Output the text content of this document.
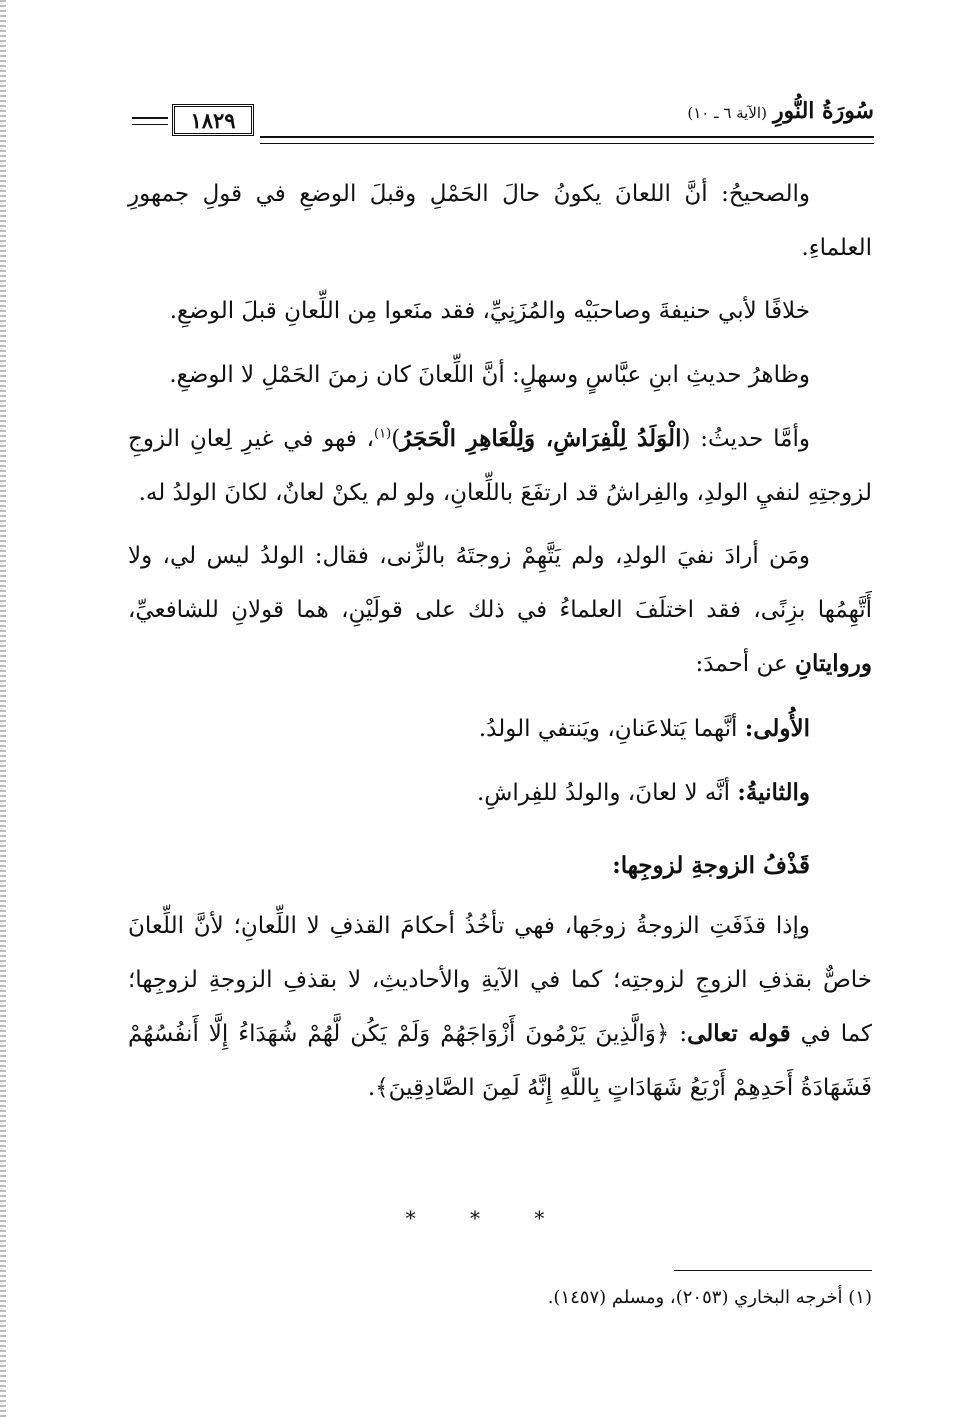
١٨٢٩	سُورَةُ النُّورِ(الآية ٦ ـ ١٠)

والصحيحُ: أنَّ اللعانَ يكونُ حالَ الحَمْلِ وقبلَ الوضعِ في قولِ جمهورِ العلماءِ.

خلافًا لأبي حنيفةَ وصاحبَيْه والمُزَنِيِّ، فقد منَعوا مِن اللِّعانِ قبلَ الوضعِ.

وظاهرُ حديثِ ابنِ عبَّاسٍ وسهلٍ: أنَّ اللِّعانَ كان زمنَ الحَمْلِ لا الوضعِ.

وأمَّا حديثُ: (الْوَلَدُ لِلْفِرَاشِ، وَلِلْعَاهِرِ الْحَجَرُ)$^{(١)}$، فهو في غيرِ لِعانِ الزوجِ لزوجتِهِ لنفيِ الولدِ، والفِراشُ قد ارتفَعَ باللِّعانِ، ولو لم يكنْ لعانٌ، لكانَ الولدُ له.

ومَن أرادَ نفيَ الولدِ، ولم يَتَّهِمْ زوجتَهُ بالزِّنى، فقال: الولدُ ليس لي، ولا أَتَّهِمُها بزِنًى، فقد اختلَفَ العلماءُ في ذلك على قولَيْنِ، هما قولانِ للشافعيِّ، وروايتانِ عن أحمدَ:

الأُولى: أنَّهما يَتلاعَنانِ، ويَنتفي الولدُ.

والثانيةُ: أنَّه لا لعانَ، والولدُ للفِراشِ.

قَذْفُ الزوجةِ لزوجِها:

وإذا قذَفَتِ الزوجةُ زوجَها، فهي تأخُذُ أحكامَ القذفِ لا اللِّعانِ؛ لأنَّ اللِّعانَ خاصٌّ بقذفِ الزوجِ لزوجتِه؛ كما في الآيةِ والأحاديثِ، لا بقذفِ الزوجةِ لزوجِها؛ كما في قوله تعالى: ﴿وَالَّذِينَ يَرْمُونَ أَزْوَاجَهُمْ وَلَمْ يَكُن لَّهُمْ شُهَدَاءُ إِلَّا أَنفُسُهُمْ فَشَهَادَةُ أَحَدِهِمْ أَرْبَعُ شَهَادَاتٍ بِاللَّهِ إِنَّهُ لَمِنَ الصَّادِقِينَ﴾.

* * *
(١) أخرجه البخاري (٢٠٥٣)، ومسلم (١٤٥٧).
